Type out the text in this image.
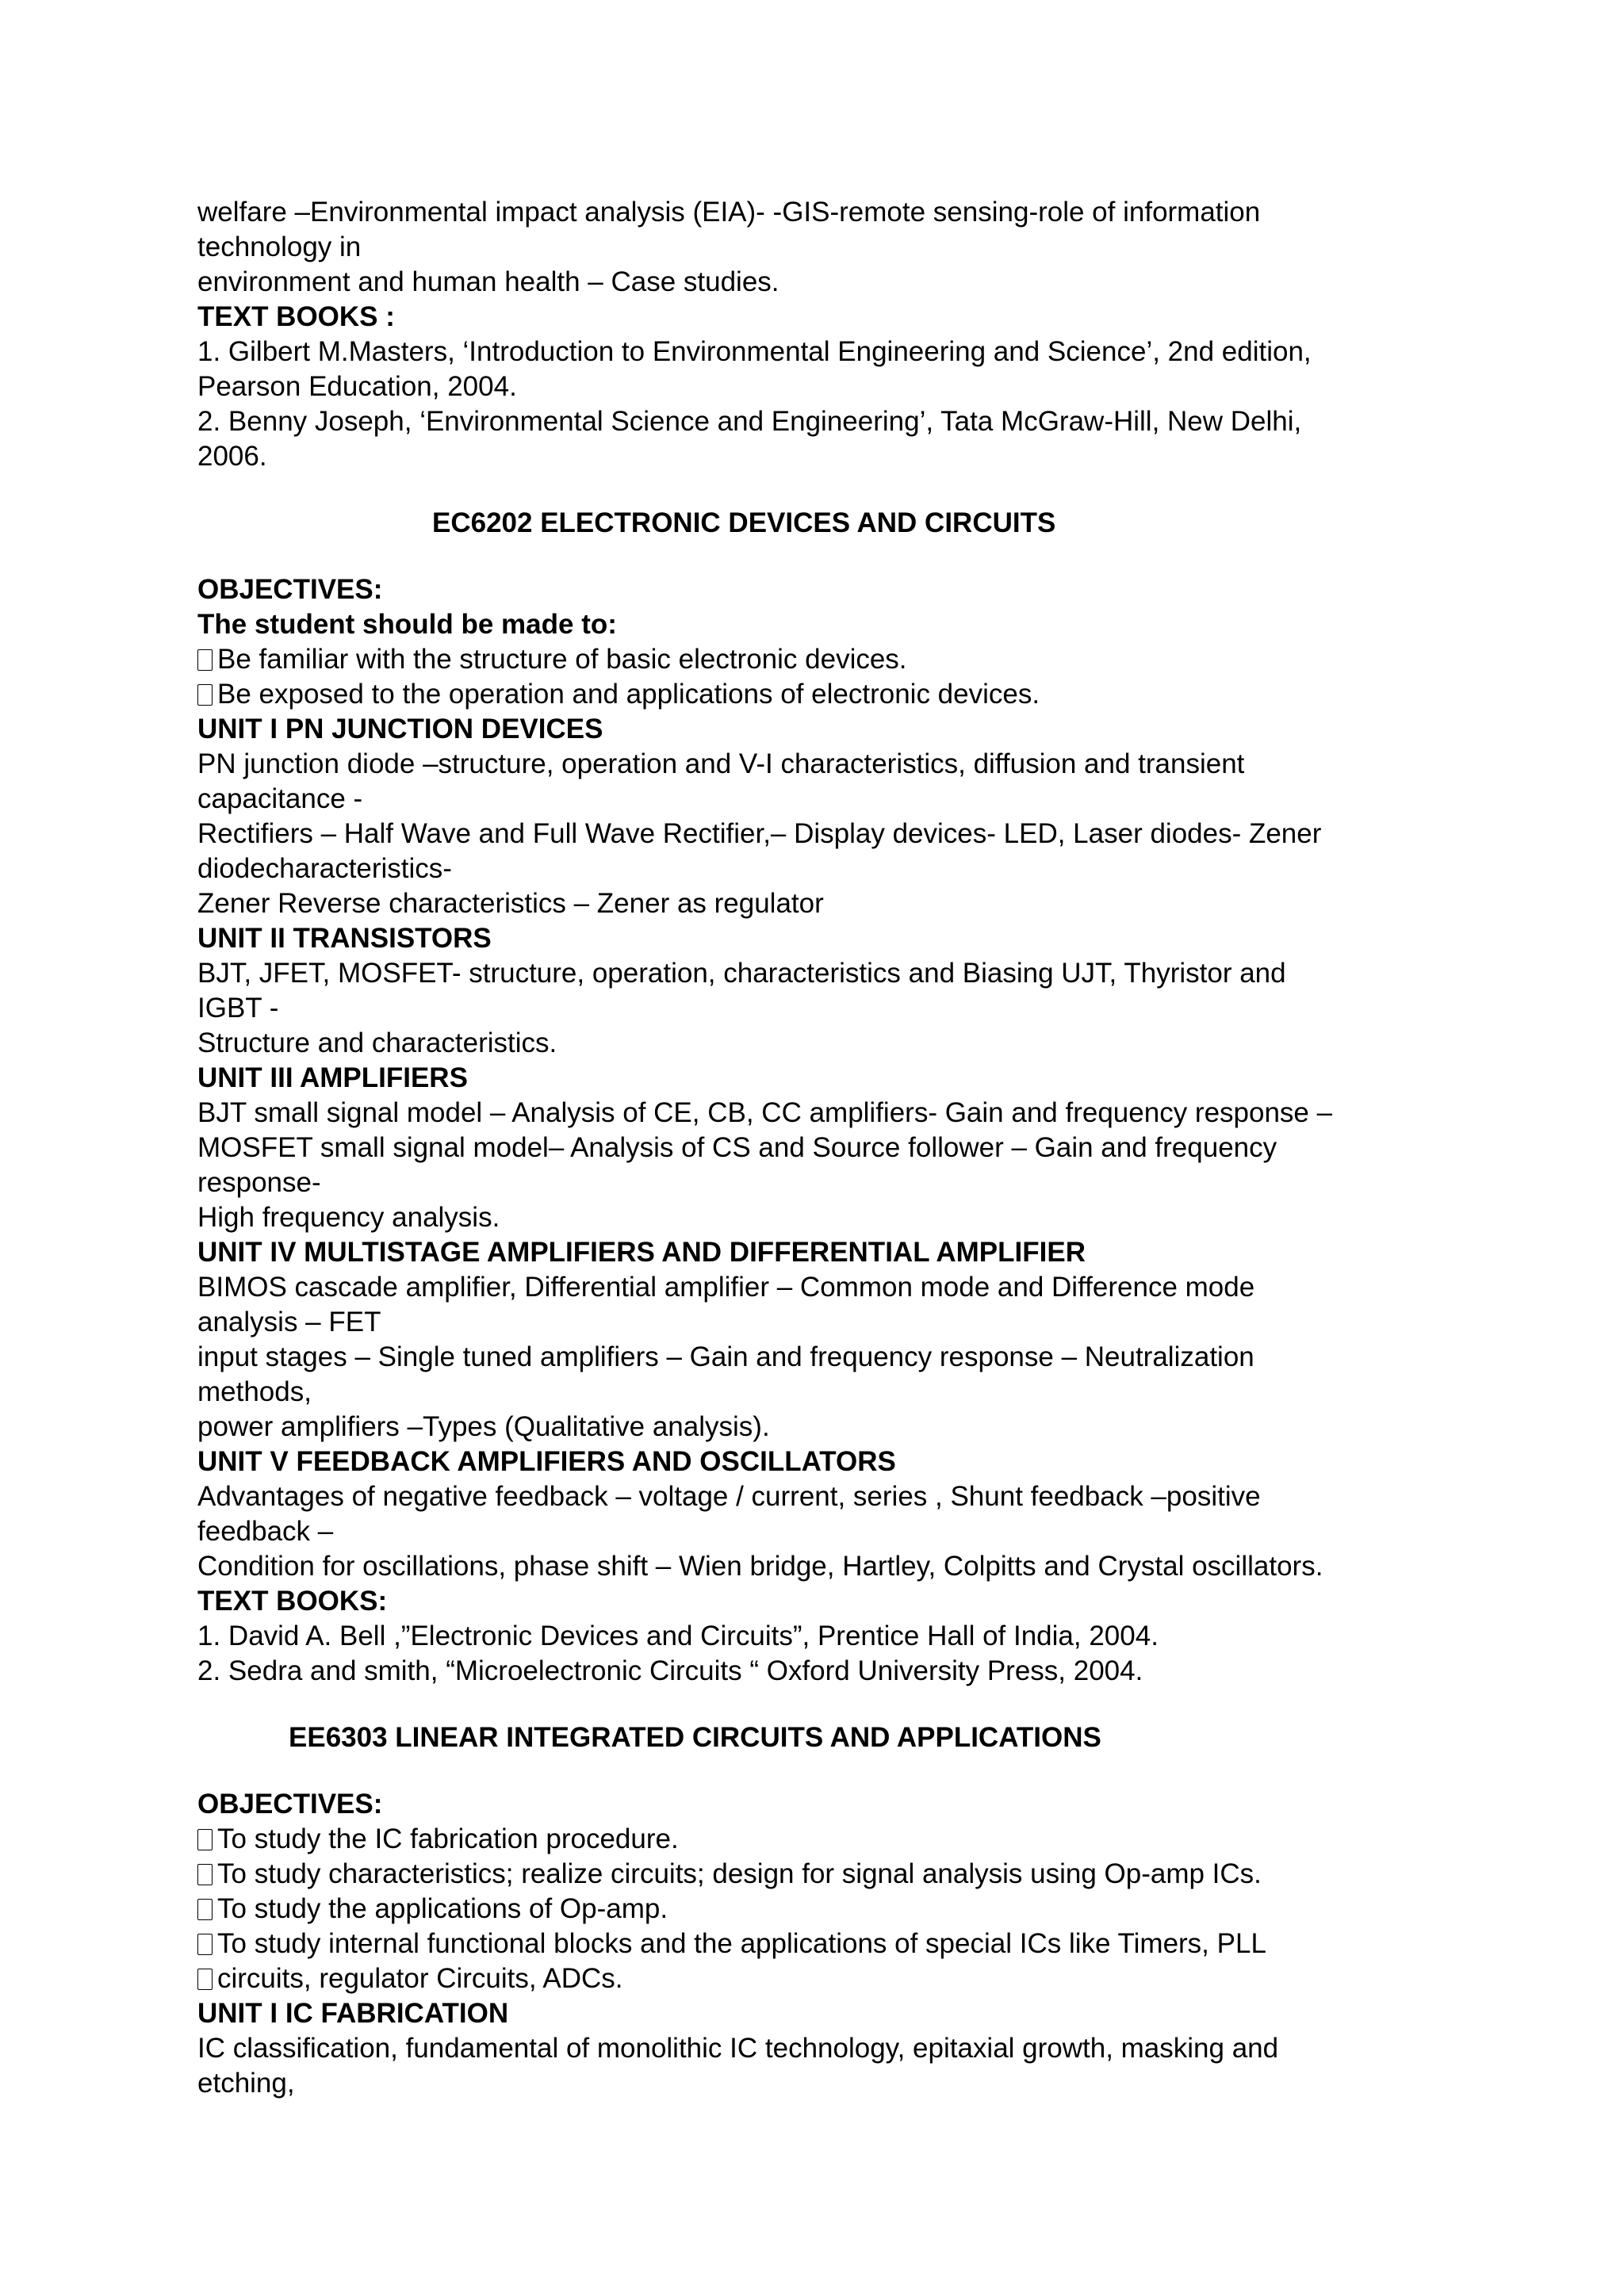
welfare –Environmental impact analysis (EIA)- -GIS-remote sensing-role of information

technology in

environment and human health – Case studies.

TEXT BOOKS :

1. Gilbert M.Masters, ‘Introduction to Environmental Engineering and Science’, 2nd edition,

Pearson Education, 2004.

2. Benny Joseph, ‘Environmental Science and Engineering’, Tata McGraw-Hill, New Delhi,

2006.

EC6202 ELECTRONIC DEVICES AND CIRCUITS

OBJECTIVES:

The student should be made to:

Be familiar with the structure of basic electronic devices.

Be exposed to the operation and applications of electronic devices.

UNIT I PN JUNCTION DEVICES

PN junction diode –structure, operation and V-I characteristics, diffusion and transient

capacitance -

Rectifiers – Half Wave and Full Wave Rectifier,– Display devices- LED, Laser diodes- Zener

diodecharacteristics-

Zener Reverse characteristics – Zener as regulator

UNIT II TRANSISTORS

BJT, JFET, MOSFET- structure, operation, characteristics and Biasing UJT, Thyristor and

IGBT -

Structure and characteristics.

UNIT III AMPLIFIERS

BJT small signal model – Analysis of CE, CB, CC amplifiers- Gain and frequency response –

MOSFET small signal model– Analysis of CS and Source follower – Gain and frequency

response-

High frequency analysis.

UNIT IV MULTISTAGE AMPLIFIERS AND DIFFERENTIAL AMPLIFIER

BIMOS cascade amplifier, Differential amplifier – Common mode and Difference mode

analysis – FET

input stages – Single tuned amplifiers – Gain and frequency response – Neutralization

methods,

power amplifiers –Types (Qualitative analysis).

UNIT V FEEDBACK AMPLIFIERS AND OSCILLATORS

Advantages of negative feedback – voltage / current, series , Shunt feedback –positive

feedback –

Condition for oscillations, phase shift – Wien bridge, Hartley, Colpitts and Crystal oscillators.

TEXT BOOKS:

1. David A. Bell ,”Electronic Devices and Circuits”, Prentice Hall of India, 2004.

2. Sedra and smith, “Microelectronic Circuits “ Oxford University Press, 2004.

EE6303 LINEAR INTEGRATED CIRCUITS AND APPLICATIONS

OBJECTIVES:

To study the IC fabrication procedure.

To study characteristics; realize circuits; design for signal analysis using Op-amp ICs.

To study the applications of Op-amp.

To study internal functional blocks and the applications of special ICs like Timers, PLL

circuits, regulator Circuits, ADCs.

UNIT I IC FABRICATION

IC classification, fundamental of monolithic IC technology, epitaxial growth, masking and

etching,
